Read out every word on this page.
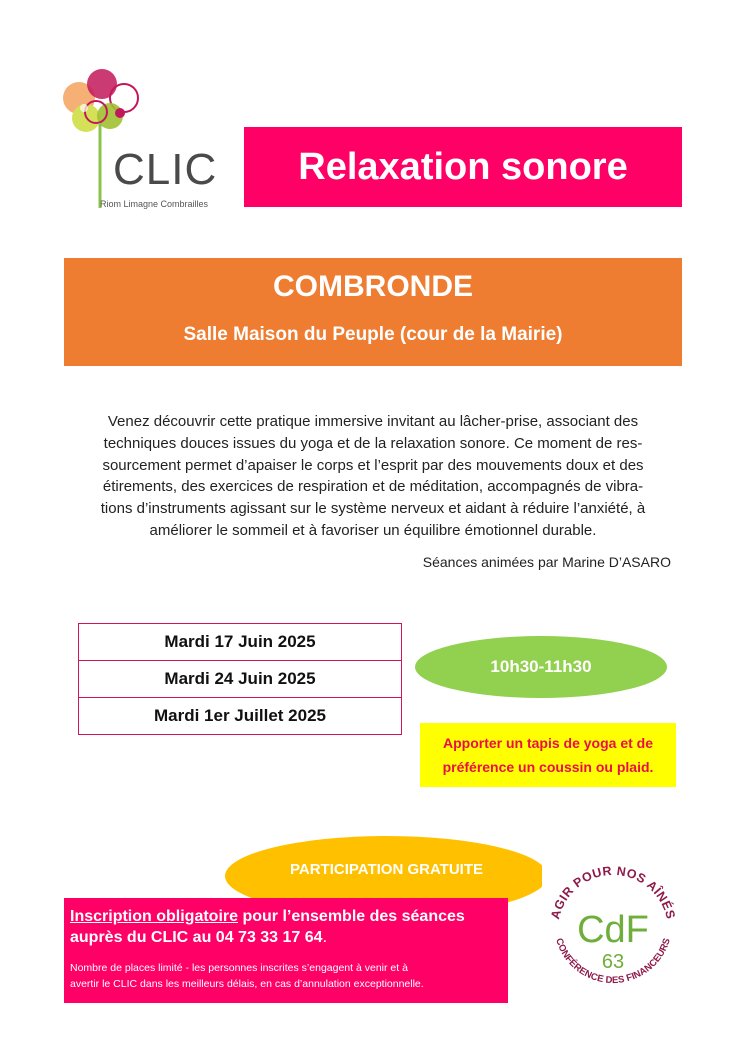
CLIC
Riom Limagne Combrailles
Relaxation sonore
COMBRONDE
Salle Maison du Peuple (cour de la Mairie)
Venez découvrir cette pratique immersive invitant au lâcher-prise, associant des
techniques douces issues du yoga et de la relaxation sonore. Ce moment de res-
sourcement permet d’apaiser le corps et l’esprit par des mouvements doux et des
étirements, des exercices de respiration et de méditation, accompagnés de vibra-
tions d’instruments agissant sur le système nerveux et aidant à réduire l’anxiété, à
améliorer le sommeil et à favoriser un équilibre émotionnel durable.
Séances animées par Marine D’ASARO
Mardi 17 Juin 2025
Mardi 24 Juin 2025
Mardi 1er Juillet 2025
10h30-11h30
Apporter un tapis de yoga et de
préférence un coussin ou plaid.
PARTICIPATION GRATUITE
Inscription obligatoire pour l’ensemble des séances
auprès du CLIC au 04 73 33 17 64.
Nombre de places limité - les personnes inscrites s’engagent à venir et à
avertir le CLIC dans les meilleurs délais, en cas d’annulation exceptionnelle.
AGIR POUR NOS AÎNÉS
CONFÉRENCE DES FINANCEURS
CdF
63
